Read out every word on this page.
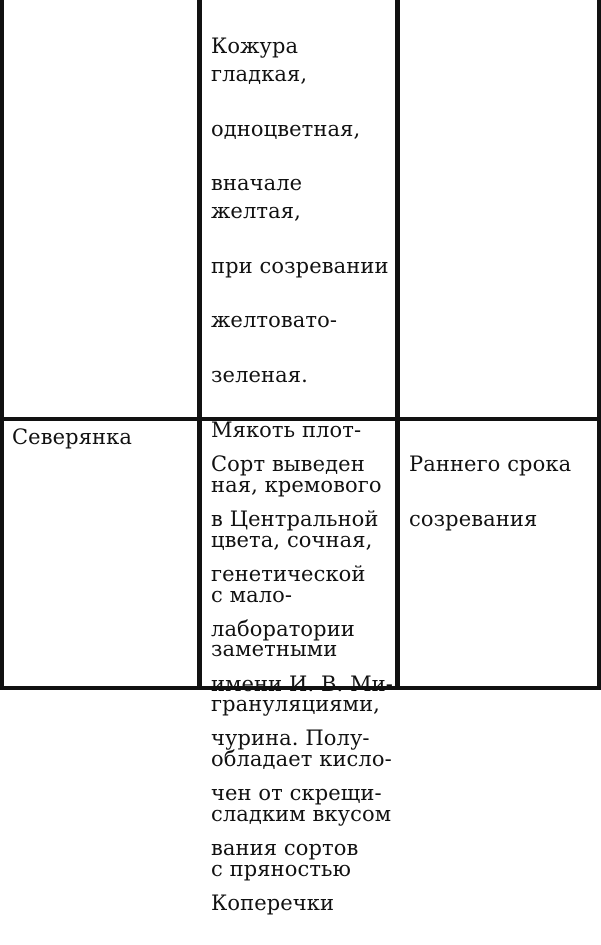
Кожура гладкая,

одноцветная,

вначале желтая,

при созревании

желтовато-

зеленая.

Мякоть плот-

ная, кремового

цвета, сочная,

с мало-

заметными

грануляциями,

обладает кисло-

сладким вкусом

с пряностью

Северянка

Сорт выведен

в Центральной

генетической

лаборатории

имени И. В. Ми-

чурина. Полу-

чен от скрещи-

вания сортов

Коперечки

Раннего срока

созревания
